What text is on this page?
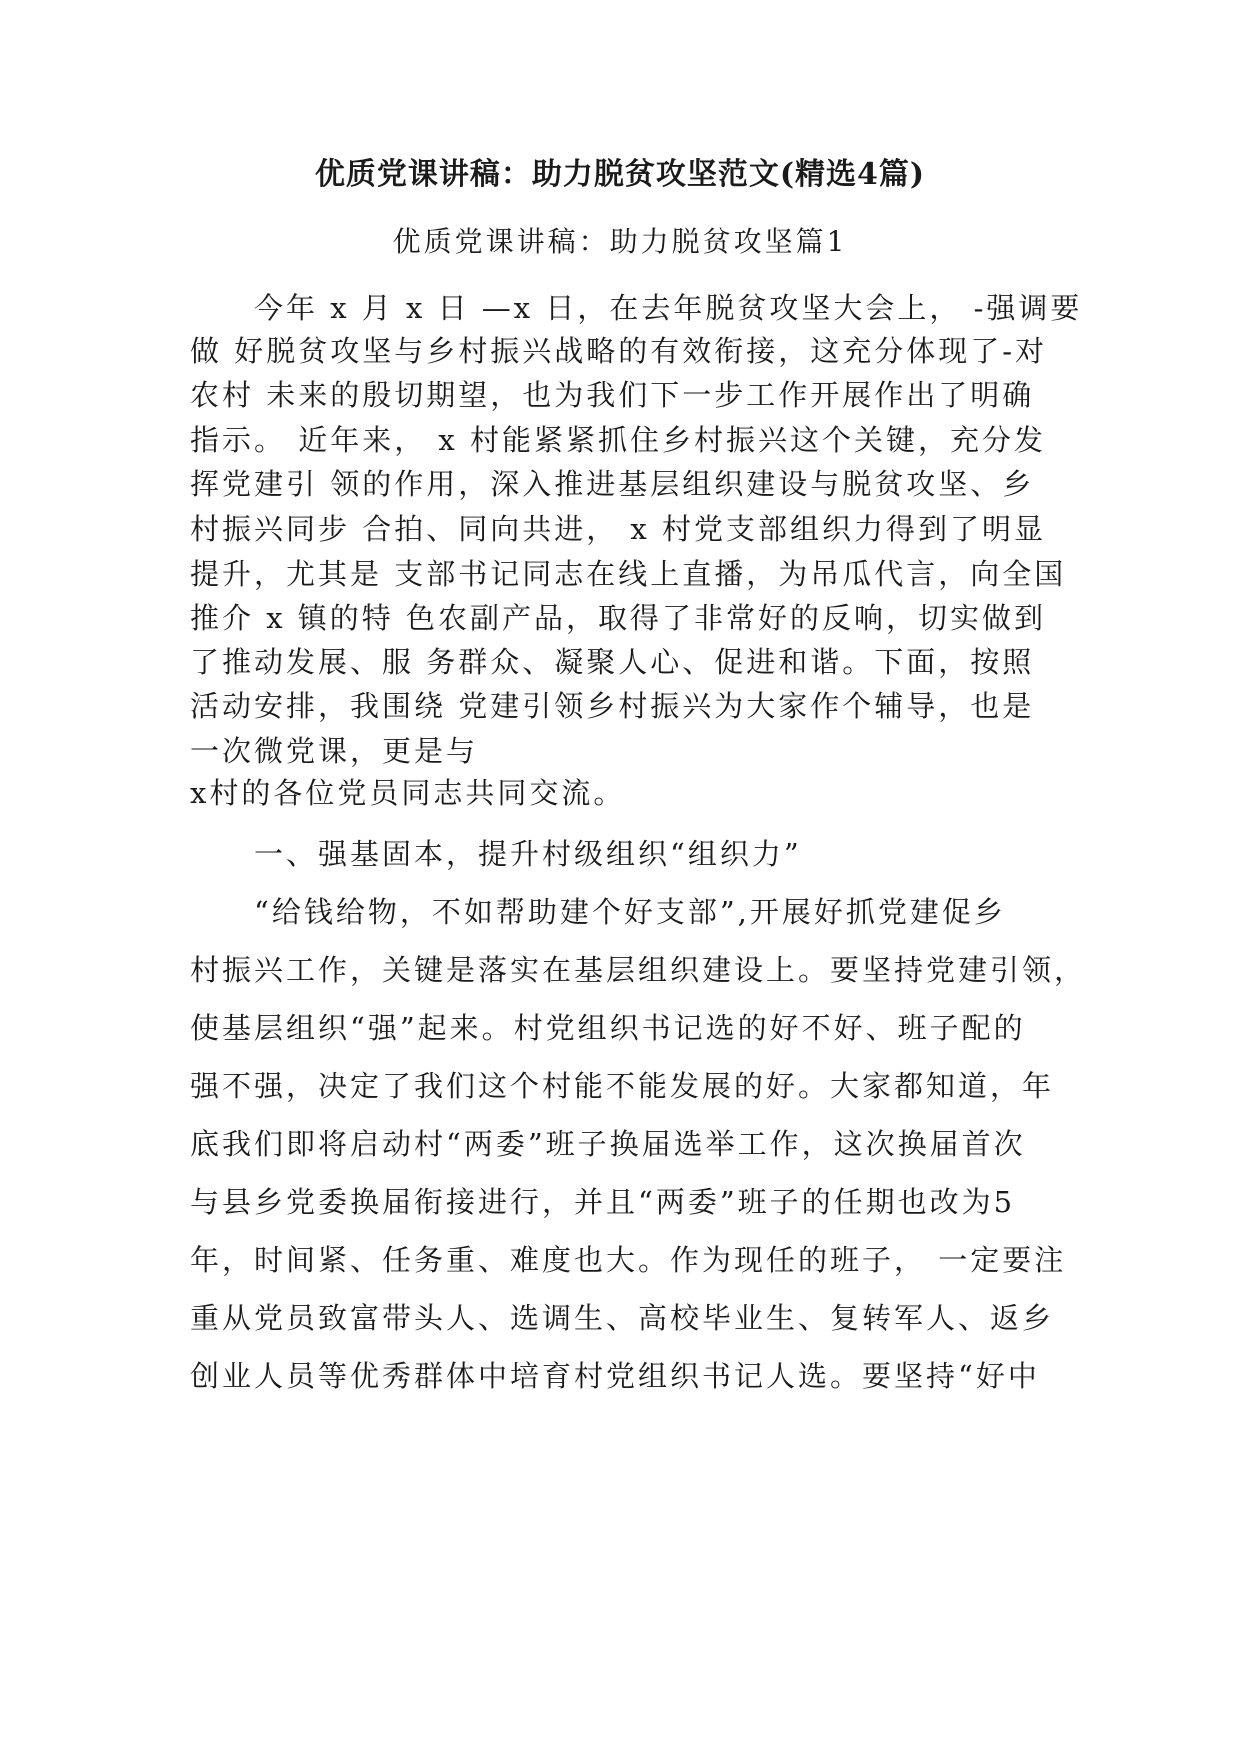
优质党课讲稿：助力脱贫攻坚范文(精选4篇)
优质党课讲稿：助力脱贫攻坚篇1
　　今年 x 月 x 日 —x 日，在去年脱贫攻坚大会上， -强调要
做 好脱贫攻坚与乡村振兴战略的有效衔接，这充分体现了-对
农村 未来的殷切期望，也为我们下一步工作开展作出了明确
指示。 近年来， x 村能紧紧抓住乡村振兴这个关键，充分发
挥党建引 领的作用，深入推进基层组织建设与脱贫攻坚、乡
村振兴同步 合拍、同向共进， x 村党支部组织力得到了明显
提升，尤其是 支部书记同志在线上直播，为吊瓜代言，向全国
推介 x 镇的特 色农副产品，取得了非常好的反响，切实做到
了推动发展、服 务群众、凝聚人心、促进和谐。下面，按照
活动安排，我围绕 党建引领乡村振兴为大家作个辅导，也是
一次微党课，更是与
x村的各位党员同志共同交流。
　　一、强基固本，提升村级组织“组织力”
　　“给钱给物，不如帮助建个好支部”,开展好抓党建促乡
村振兴工作，关键是落实在基层组织建设上。要坚持党建引领，
使基层组织“强”起来。村党组织书记选的好不好、班子配的
强不强，决定了我们这个村能不能发展的好。大家都知道，年
底我们即将启动村“两委”班子换届选举工作，这次换届首次
与县乡党委换届衔接进行，并且“两委”班子的任期也改为5
年，时间紧、任务重、难度也大。作为现任的班子， 一定要注
重从党员致富带头人、选调生、高校毕业生、复转军人、返乡
创业人员等优秀群体中培育村党组织书记人选。要坚持“好中
